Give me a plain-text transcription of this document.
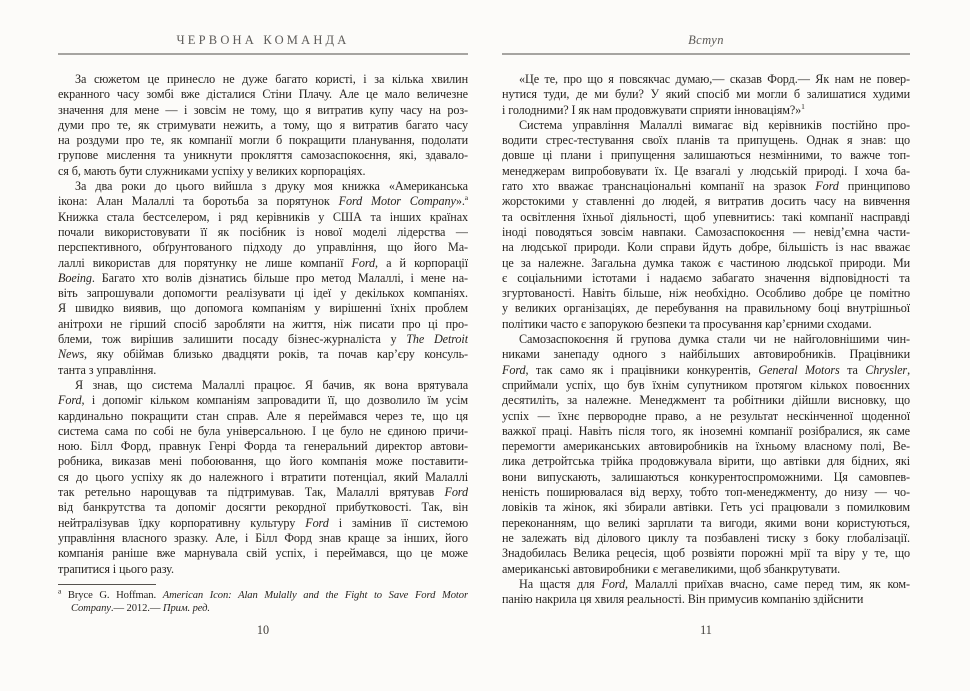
ЧЕРВОНА КОМАНДА

За сюжетом це принесло не дуже багато користі, і за кілька хвилин
екранного часу зомбі вже дісталися Стіни Плачу. Але це мало величезне
значення для мене — і зовсім не тому, що я витратив купу часу на роз-
думи про те, як стримувати нежить, а тому, що я витратив багато часу
на роздуми про те, як компанії могли б покращити планування, подолати
групове мислення та уникнути прокляття самозаспокоєння, які, здавало-
ся б, мають бути служниками успіху у великих корпораціях.

За два роки до цього вийшла з друку моя книжка «Американська
ікона: Алан Малаллі та боротьба за порятунок Ford Motor Company».$^a$
Книжка стала бестселером, і ряд керівників у США та інших країнах
почали використовувати її як посібник із нової моделі лідерства —
перспективного, обґрунтованого підходу до управління, що його Ма-
лаллі використав для порятунку не лише компанії Ford, а й корпорації
Boeing. Багато хто волів дізнатись більше про метод Малаллі, і мене на-
віть запрошували допомогти реалізувати ці ідеї у декількох компаніях.
Я швидко виявив, що допомога компаніям у вирішенні їхніх проблем
анітрохи не гірший спосіб заробляти на життя, ніж писати про ці про-
блеми, тож вирішив залишити посаду бізнес-журналіста у The Detroit
News, яку обіймав близько двадцяти років, та почав кар’єру консуль-
танта з управління.

Я знав, що система Малаллі працює. Я бачив, як вона врятувала
Ford, і допоміг кільком компаніям запровадити її, що дозволило їм усім
кардинально покращити стан справ. Але я переймався через те, що ця
система сама по собі не була універсальною. І це було не єдиною причи-
ною. Білл Форд, правнук Генрі Форда та генеральний директор автови-
робника, виказав мені побоювання, що його компанія може поставити-
ся до цього успіху як до належного і втратити потенціал, який Малаллі
так ретельно нарощував та підтримував. Так, Малаллі врятував Ford
від банкрутства та допоміг досягти рекордної прибутковості. Так, він
нейтралізував їдку корпоративну культуру Ford і замінив її системою
управління власного зразку. Але, і Білл Форд знав краще за інших, його
компанія раніше вже марнувала свій успіх, і переймався, що це може
трапитися і цього разу.

$^a$ Bryce G. Hoffman. American Icon: Alan Mulally and the Fight to Save Ford Motor
Company.— 2012.— Прим. ред.
10
Вступ

«Це те, про що я повсякчас думаю,— сказав Форд.— Як нам не повер-
нутися туди, де ми були? У який спосіб ми могли б залишатися худими
і голодними? І як нам продовжувати сприяти інноваціям?»$^1$

Система управління Малаллі вимагає від керівників постійно про-
водити стрес-тестування своїх планів та припущень. Однак я знав: що
довше ці плани і припущення залишаються незмінними, то важче топ-
менеджерам випробовувати їх. Це взагалі у людській природі. І хоча ба-
гато хто вважає транснаціональні компанії на зразок Ford принципово
жорстокими у ставленні до людей, я витратив досить часу на вивчення
та освітлення їхньої діяльності, щоб упевнитись: такі компанії насправді
іноді поводяться зовсім навпаки. Самозаспокоєння — невід’ємна части-
на людської природи. Коли справи йдуть добре, більшість із нас вважає
це за належне. Загальна думка також є частиною людської природи. Ми
є соціальними істотами і надаємо забагато значення відповідності та
згуртованості. Навіть більше, ніж необхідно. Особливо добре це помітно
у великих організаціях, де перебування на правильному боці внутрішньої
політики часто є запорукою безпеки та просування кар’єрними сходами.

Самозаспокоєння й групова думка стали чи не найголовнішими чин-
никами занепаду одного з найбільших автовиробників. Працівники
Ford, так само як і працівники конкурентів, General Motors та Chrysler,
сприймали успіх, що був їхнім супутником протягом кількох повоєнних
десятиліть, за належне. Менеджмент та робітники дійшли висновку, що
успіх — їхнє первородне право, а не результат нескінченної щоденної
важкої праці. Навіть після того, як іноземні компанії розібралися, як саме
перемогти американських автовиробників на їхньому власному полі, Ве-
лика детройтська трійка продовжувала вірити, що автівки для бідних, які
вони випускають, залишаються конкурентоспроможними. Ця самовпев-
неність поширювалася від верху, тобто топ-менеджменту, до низу — чо-
ловіків та жінок, які збирали автівки. Геть усі працювали з помилковим
переконанням, що великі зарплати та вигоди, якими вони користуються,
не залежать від ділового циклу та позбавлені тиску з боку глобалізації.
Знадобилась Велика рецесія, щоб розвіяти порожні мрії та віру у те, що
американські автовиробники є мегавеликими, щоб збанкрутувати.

На щастя для Ford, Малаллі приїхав вчасно, саме перед тим, як ком-
панію накрила ця хвиля реальності. Він примусив компанію здійснити

11
